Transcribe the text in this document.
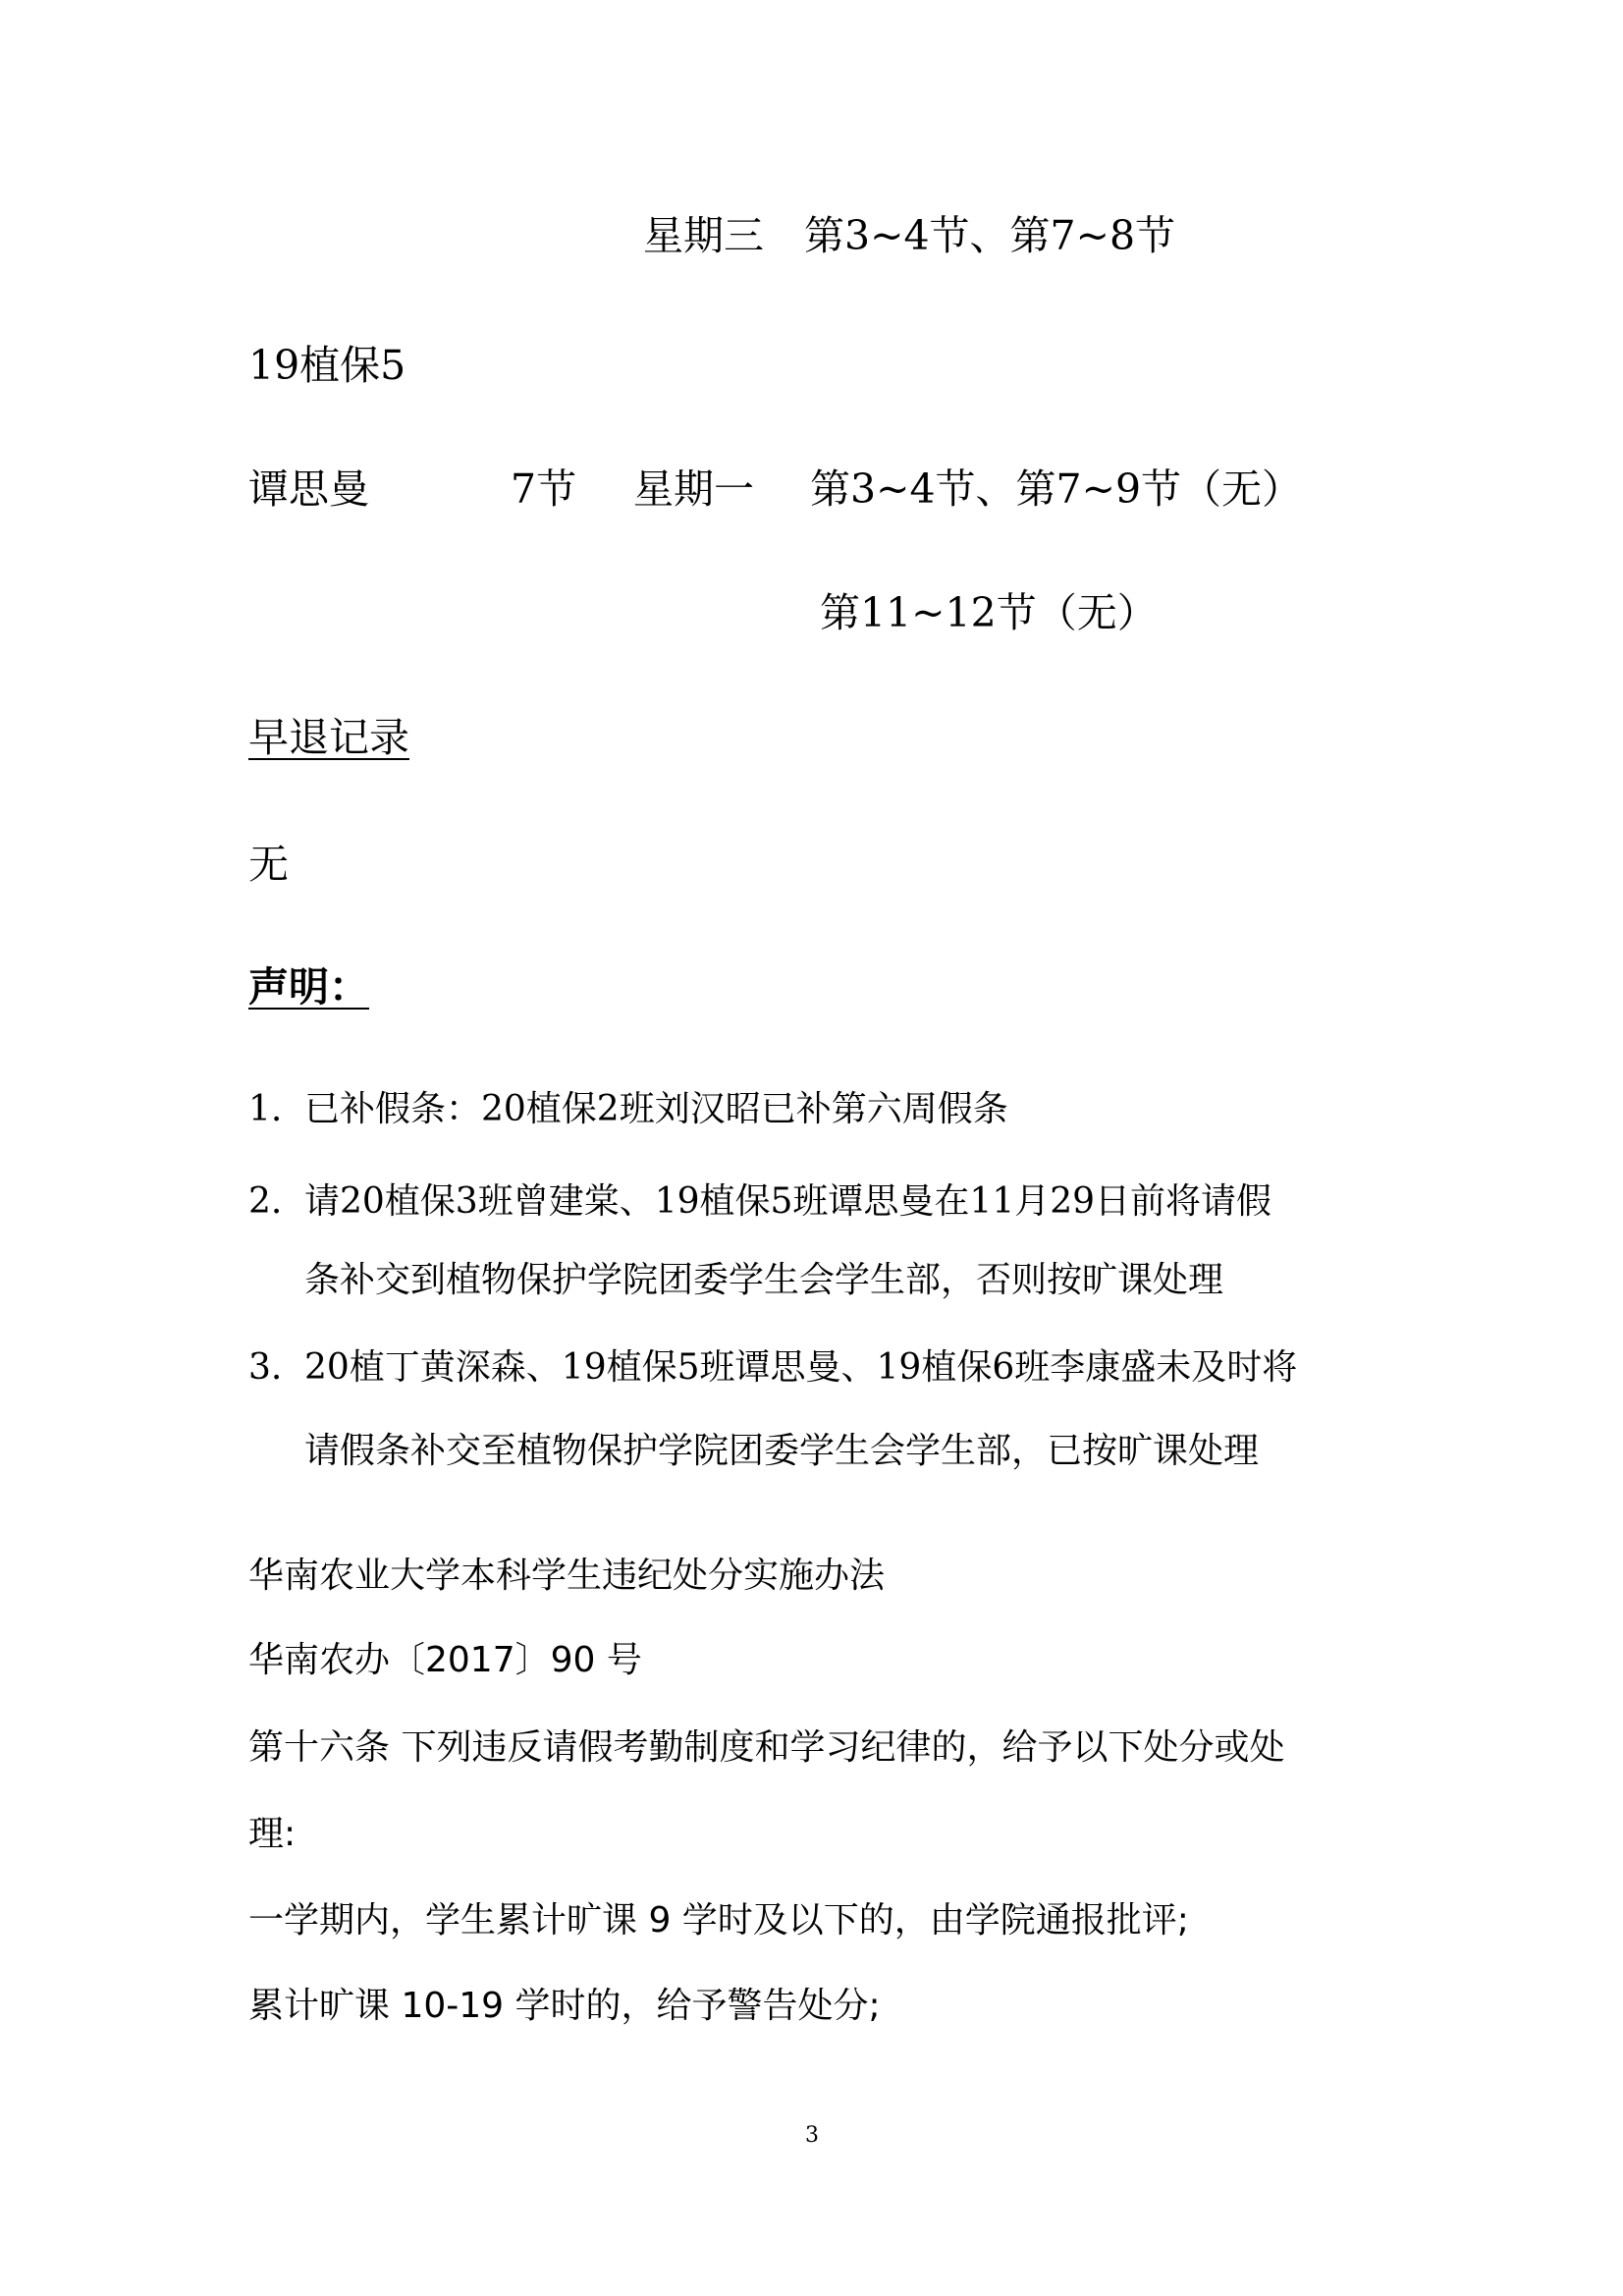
星期三　第3~4节、第7~8节
19植保5
谭思曼	7节 星期一 第3~4节、第7~9节（无）
第11~12节（无）
早退记录
无
声明：
1. 已补假条：20植保2班刘汉昭已补第六周假条
2. 请20植保3班曾建棠、19植保5班谭思曼在11月29日前将请假
条补交到植物保护学院团委学生会学生部，否则按旷课处理
3. 20植丁黄深森、19植保5班谭思曼、19植保6班李康盛未及时将
请假条补交至植物保护学院团委学生会学生部，已按旷课处理
华南农业大学本科学生违纪处分实施办法
华南农办〔2017〕90 号
第十六条 下列违反请假考勤制度和学习纪律的，给予以下处分或处
理:
一学期内，学生累计旷课 9 学时及以下的，由学院通报批评;
累计旷课 10-19 学时的，给予警告处分;
3
